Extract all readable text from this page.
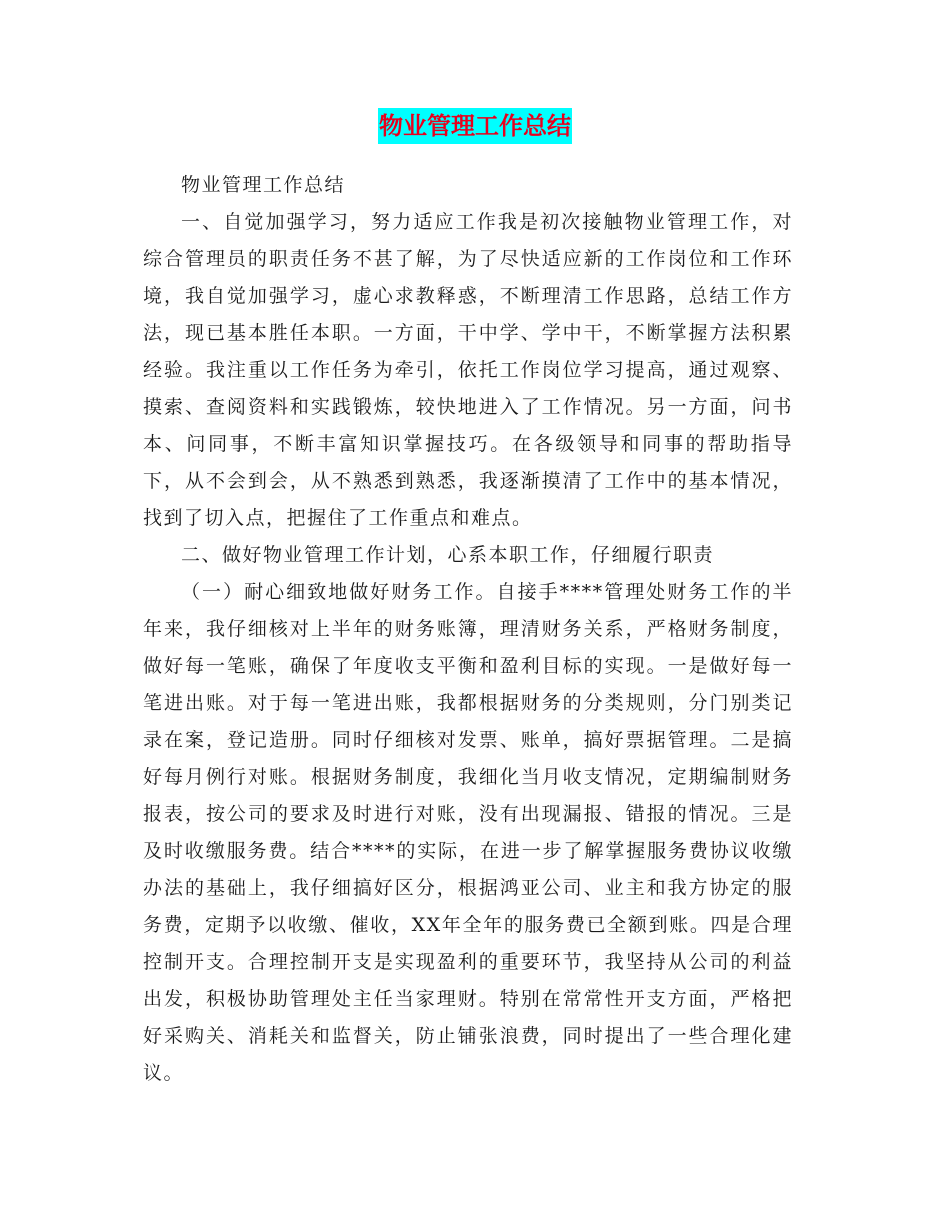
物业管理工作总结

物业管理工作总结

一、自觉加强学习，努力适应工作我是初次接触物业管理工作，对综合管理员的职责任务不甚了解，为了尽快适应新的工作岗位和工作环境，我自觉加强学习，虚心求教释惑，不断理清工作思路，总结工作方法，现已基本胜任本职。一方面，干中学、学中干，不断掌握方法积累经验。我注重以工作任务为牵引，依托工作岗位学习提高，通过观察、摸索、查阅资料和实践锻炼，较快地进入了工作情况。另一方面，问书本、问同事，不断丰富知识掌握技巧。在各级领导和同事的帮助指导下，从不会到会，从不熟悉到熟悉，我逐渐摸清了工作中的基本情况，找到了切入点，把握住了工作重点和难点。

二、做好物业管理工作计划，心系本职工作，仔细履行职责

（一）耐心细致地做好财务工作。自接手****管理处财务工作的半年来，我仔细核对上半年的财务账簿，理清财务关系，严格财务制度，做好每一笔账，确保了年度收支平衡和盈利目标的实现。一是做好每一笔进出账。对于每一笔进出账，我都根据财务的分类规则，分门别类记录在案，登记造册。同时仔细核对发票、账单，搞好票据管理。二是搞好每月例行对账。根据财务制度，我细化当月收支情况，定期编制财务报表，按公司的要求及时进行对账，没有出现漏报、错报的情况。三是及时收缴服务费。结合****的实际，在进一步了解掌握服务费协议收缴办法的基础上，我仔细搞好区分，根据鸿亚公司、业主和我方协定的服务费，定期予以收缴、催收，XX年全年的服务费已全额到账。四是合理控制开支。合理控制开支是实现盈利的重要环节，我坚持从公司的利益出发，积极协助管理处主任当家理财。特别在常常性开支方面，严格把好采购关、消耗关和监督关，防止铺张浪费，同时提出了一些合理化建议。
